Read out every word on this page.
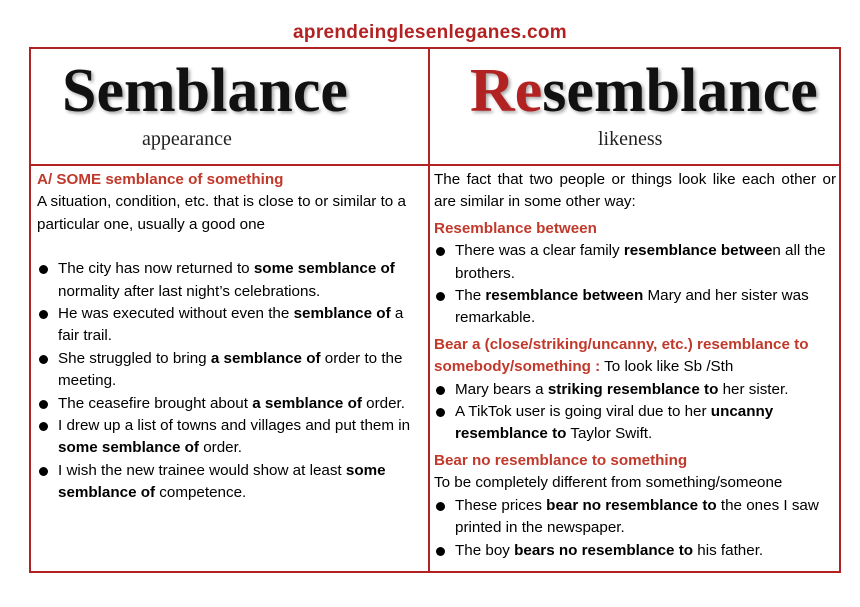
aprendeinglesenleganes.com
Semblance Resemblance
appearance	likeness
A/ SOME semblance of something
A situation, condition, etc. that is close to or similar to a particular one, usually a good one
The city has now returned to some semblance of normality after last night’s celebrations.
He was executed without even the semblance of a fair trail.
She struggled to bring a semblance of order to the meeting.
The ceasefire brought about a semblance of order.
I drew up a list of towns and villages and put them in some semblance of order.
I wish the new trainee would show at least some semblance of competence.
The fact that two people or things look like each other or are similar in some other way:
Resemblance between
There was a clear family resemblance between all the brothers.
The resemblance between Mary and her sister was remarkable.
Bear a (close/striking/uncanny, etc.) resemblance to somebody/something : To look like Sb /Sth
Mary bears a striking resemblance to her sister.
A TikTok user is going viral due to her uncanny resemblance to Taylor Swift.
Bear no resemblance to something
To be completely different from something/someone
These prices bear no resemblance to the ones I saw printed in the newspaper.
The boy bears no resemblance to his father.
